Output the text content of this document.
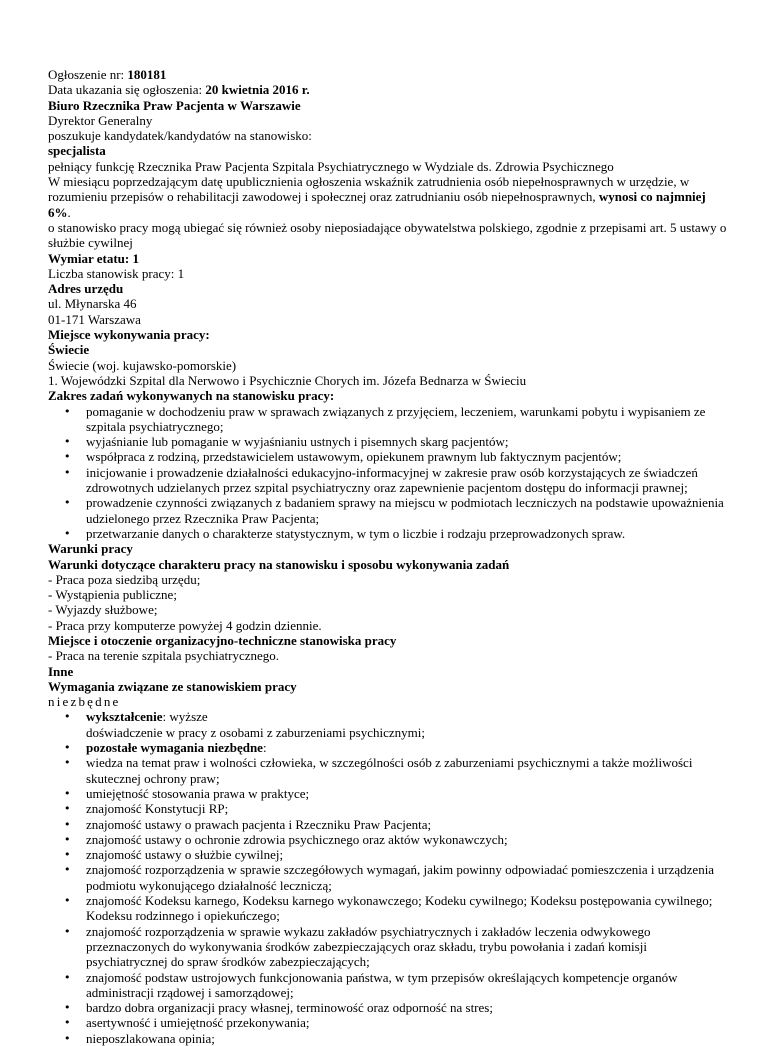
Ogłoszenie nr: 180181

Data ukazania się ogłoszenia: 20 kwietnia 2016 r.

Biuro Rzecznika Praw Pacjenta w Warszawie

Dyrektor Generalny

poszukuje kandydatek/kandydatów na stanowisko:

specjalista

pełniący funkcję Rzecznika Praw Pacjenta Szpitala Psychiatrycznego w Wydziale ds. Zdrowia Psychicznego

W miesiącu poprzedzającym datę upublicznienia ogłoszenia wskaźnik zatrudnienia osób niepełnosprawnych w urzędzie, w rozumieniu przepisów o rehabilitacji zawodowej i społecznej oraz zatrudnianiu osób niepełnosprawnych, wynosi co najmniej 6%.

o stanowisko pracy mogą ubiegać się również osoby nieposiadające obywatelstwa polskiego, zgodnie z przepisami art. 5 ustawy o służbie cywilnej

Wymiar etatu: 1

Liczba stanowisk pracy: 1

Adres urzędu

ul. Młynarska 46

01-171 Warszawa

Miejsce wykonywania pracy:

Świecie

Świecie (woj. kujawsko-pomorskie)

1. Wojewódzki Szpital dla Nerwowo i Psychicznie Chorych im. Józefa Bednarza w Świeciu

Zakres zadań wykonywanych na stanowisku pracy:

• pomaganie w dochodzeniu praw w sprawach związanych z przyjęciem, leczeniem, warunkami pobytu i wypisaniem ze szpitala psychiatrycznego;
• wyjaśnianie lub pomaganie w wyjaśnianiu ustnych i pisemnych skarg pacjentów;
• współpraca z rodziną, przedstawicielem ustawowym, opiekunem prawnym lub faktycznym pacjentów;
• inicjowanie i prowadzenie działalności edukacyjno-informacyjnej w zakresie praw osób korzystających ze świadczeń zdrowotnych udzielanych przez szpital psychiatryczny oraz zapewnienie pacjentom dostępu do informacji prawnej;
• prowadzenie czynności związanych z badaniem sprawy na miejscu w podmiotach leczniczych na podstawie upoważnienia udzielonego przez Rzecznika Praw Pacjenta;
• przetwarzanie danych o charakterze statystycznym, w tym o liczbie i rodzaju przeprowadzonych spraw.

Warunki pracy

Warunki dotyczące charakteru pracy na stanowisku i sposobu wykonywania zadań

- Praca poza siedzibą urzędu;

- Wystąpienia publiczne;

- Wyjazdy służbowe;

- Praca przy komputerze powyżej 4 godzin dziennie.

Miejsce i otoczenie organizacyjno-techniczne stanowiska pracy

- Praca na terenie szpitala psychiatrycznego.

Inne

Wymagania związane ze stanowiskiem pracy

niezbędne

• wykształcenie: wyższe

doświadczenie w pracy z osobami z zaburzeniami psychicznymi;

• pozostałe wymagania niezbędne:
• wiedza na temat praw i wolności człowieka, w szczególności osób z zaburzeniami psychicznymi a także możliwości skutecznej ochrony praw;
• umiejętność stosowania prawa w praktyce;
• znajomość Konstytucji RP;
• znajomość ustawy o prawach pacjenta i Rzeczniku Praw Pacjenta;
• znajomość ustawy o ochronie zdrowia psychicznego oraz aktów wykonawczych;
• znajomość ustawy o służbie cywilnej;
• znajomość rozporządzenia w sprawie szczegółowych wymagań, jakim powinny odpowiadać pomieszczenia i urządzenia podmiotu wykonującego działalność leczniczą;
• znajomość Kodeksu karnego, Kodeksu karnego wykonawczego; Kodeku cywilnego; Kodeksu postępowania cywilnego; Kodeksu rodzinnego i opiekuńczego;
• znajomość rozporządzenia w sprawie wykazu zakładów psychiatrycznych i zakładów leczenia odwykowego przeznaczonych do wykonywania środków zabezpieczających oraz składu, trybu powołania i zadań komisji psychiatrycznej do spraw środków zabezpieczających;
• znajomość podstaw ustrojowych funkcjonowania państwa, w tym przepisów określających kompetencje organów administracji rządowej i samorządowej;
• bardzo dobra organizacji pracy własnej, terminowość oraz odporność na stres;
• asertywność i umiejętność przekonywania;
• nieposzlakowana opinia;
